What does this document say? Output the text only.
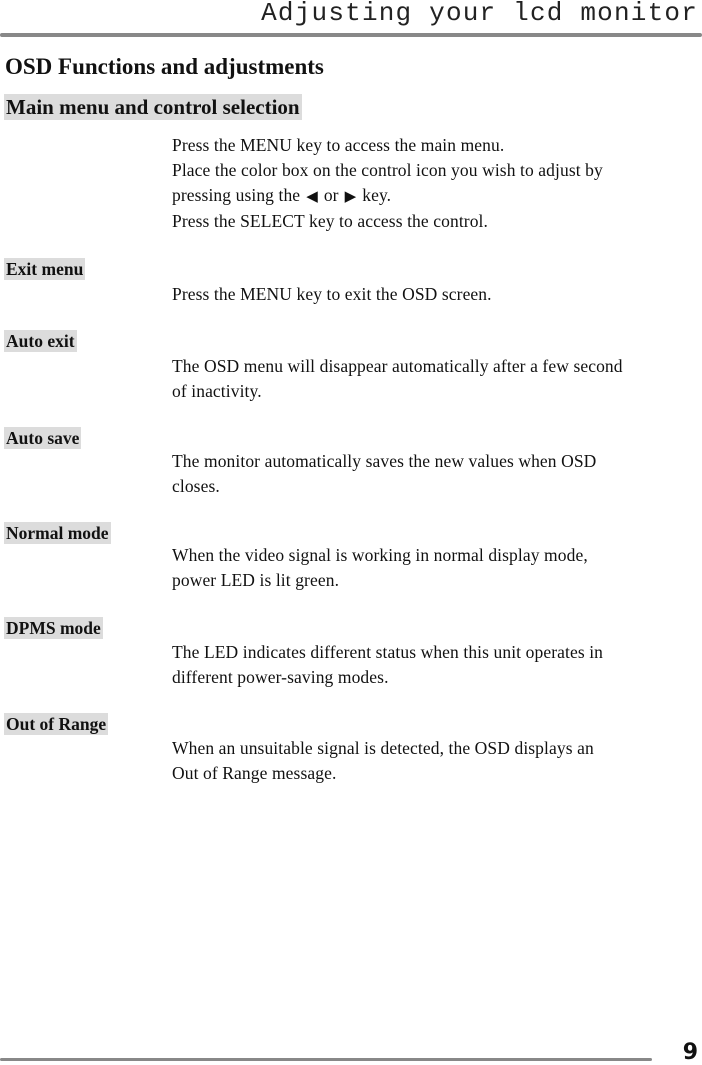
Adjusting your lcd monitor
OSD Functions and adjustments
Main menu and control selection
Press the MENU key to access the main menu.
Place the color box on the control icon you wish to adjust by
pressing using the ◀ or ▶ key.
Press the SELECT key to access the control.
Exit menu
Press the MENU key to exit the OSD screen.
Auto exit
The OSD menu will disappear automatically after a few second
of inactivity.
Auto save
The monitor automatically saves the new values when OSD
closes.
Normal mode
When the video signal is working in normal display mode,
power LED is lit green.
DPMS mode
The LED indicates different status when this unit operates in
different power-saving modes.
Out of Range
When an unsuitable signal is detected, the OSD displays an
Out of Range message.
9
